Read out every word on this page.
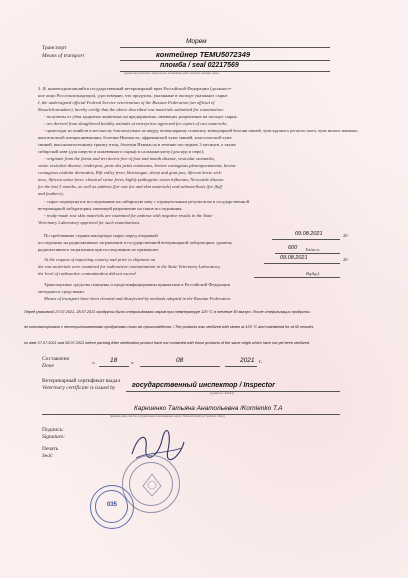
Транспорт
Means of transport
Морем
контейнер TEMU5072349
пломба / seal 02217569
(указать вид транспорта, номер вагона, автомашины, рейса самолета, название судна)
3. Я, нижеподписавшийся государственный ветеринарный врач Российской Федерации (должност-
ное лицо Россельхознадзора), удостоверяю, что продукты, указанные в экспорт указанное сырье:
I, the undersigned official Federal Service veterinarian of the Russian Federation (an official of
Rosselchoznadzor), hereby certify that the above described raw materials submitted for examination:
- получены от убоя здоровых животных на предприятиях, имеющих разрешение на экспорт сырья;
- are derived from slaughtered healthy animals at enterprises approved for export of raw materials;
- происходят из хозяйств и местности, благополучных по ящуру, везикулярному стоматиту, везикулярной болезни свиней, чуме крупного рогатого скота, чуме мелких жвачных,
контагиозной плевропневмонии, болезни Ньюкасла, африканской чуме свиней, классической чуме
свиней, высокопатогенному гриппу птиц, болезни Ньюкасла в течение последних 3 месяцев, а также
сибирской язве (для шерсти и кожевенного сырья) и сальмонеллезу (для кур и перо);
- originate from the farms and territories free of foot and mouth disease, vesicular stomatitis,
swine vesicular disease, rinderpest, peste des petits ruminants, bovine contagious pleuropneumonia, bovine
contagious nodular dermatitis, Rift valley fever, bluetongue, sheep and goat pox, African horse sick-
ness, African swine fever, classical swine fever, highly pathogenic avian influenza, Newcastle disease
for the last 3 months, as well as anthrax (for raw fur and skin materials) and salmonellosis (for fluff
and feathers);
- сырье подвергнутое исследованию на сибирскую язву с отрицательным результатом в государственной
ветеринарной лаборатории, имеющей разрешение на такие исследования.
- ready-made raw skin materials are examined for anthrax with negative results in the State
Veterinary Laboratory approved for such examinations.
По требованию страны-импортера сырье перед отправкой	09.08.2021	20
исследовано на радиоактивное загрязнение в государственной ветеринарной лаборатории, уровень
радиоактивного загрязнения при исследовании не превышает	600 Бк/кг,л.
At the request of importing country and prior to shipment on	09.08.2021	20
the raw materials were examined for radioactive contamination in the State Veterinary Laboratory,
the level of radioactive contamination did not exceed	Bq/kg,l.
Транспортные средства очищены и продезинфицированы принятыми в Российской Федерации
методами и средствами.
Means of transport have been cleaned and disinfected by methods adopted in the Russian Federation.
Перед упаковкой 27.07.2021, 28.07.2021 продукты были стерилизованы паром при температуре 120 °С в течение 50 минут. После стерилизации продукты
не контактировали с нестерилизованными продуктами того же происхождения. / The products was sterilized with steam at 120 °C and maintained for at 50 minutes
on date 27.07.2021 and 28.07.2021 before packing After sterilization product have not contacted with those products of the same origin which have not yet been sterilized.
Составлено
Done	« 18	»	08	2021 г.
Ветеринарный сертификат выдал
Veterinary certificate is issued by государственный инспектор / Inspector
(должность / Position)
Карниенко Татьяна Анатольевна /Kornienko T.A
(фамилия, имя, отчество государственного ветеринарного врача / Name and position of veterinary officer)
Подпись:
Signature:
Печать
Seal:
035
